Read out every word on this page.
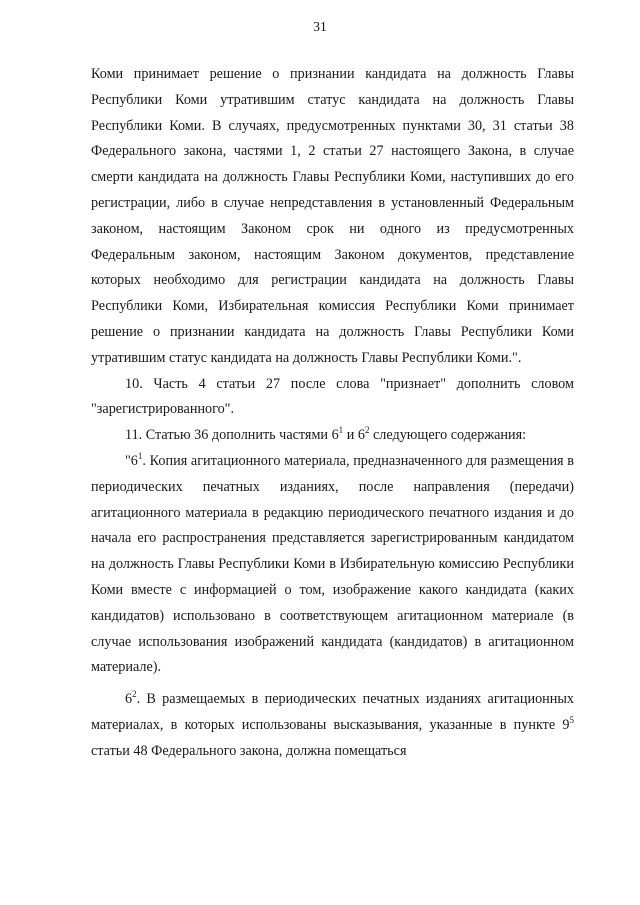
31

Коми принимает решение о признании кандидата на должность Главы Республики Коми утратившим статус кандидата на должность Главы Республики Коми. В случаях, предусмотренных пунктами 30, 31 статьи 38 Федерального закона, частями 1, 2 статьи 27 настоящего Закона, в случае смерти кандидата на должность Главы Республики Коми, наступивших до его регистрации, либо в случае непредставления в установленный Федеральным законом, настоящим Законом срок ни одного из предусмотренных Федеральным законом, настоящим Законом документов, представление которых необходимо для регистрации кандидата на должность Главы Республики Коми, Избирательная комиссия Республики Коми принимает решение о признании кандидата на должность Главы Республики Коми утратившим статус кандидата на должность Главы Республики Коми.".

10. Часть 4 статьи 27 после слова "признает" дополнить словом "зарегистрированного".

11. Статью 36 дополнить частями $6^1$ и $6^2$ следующего содержания:

"$6^1$. Копия агитационного материала, предназначенного для размещения в периодических печатных изданиях, после направления (передачи) агитационного материала в редакцию периодического печатного издания и до начала его распространения представляется зарегистрированным кандидатом на должность Главы Республики Коми в Избирательную комиссию Республики Коми вместе с информацией о том, изображение какого кандидата (каких кандидатов) использовано в соответствующем агитационном материале (в случае использования изображений кандидата (кандидатов) в агитационном материале).

$6^2$. В размещаемых в периодических печатных изданиях агитационных материалах, в которых использованы высказывания, указанные в пункте $9^5$ статьи 48 Федерального закона, должна помещаться
